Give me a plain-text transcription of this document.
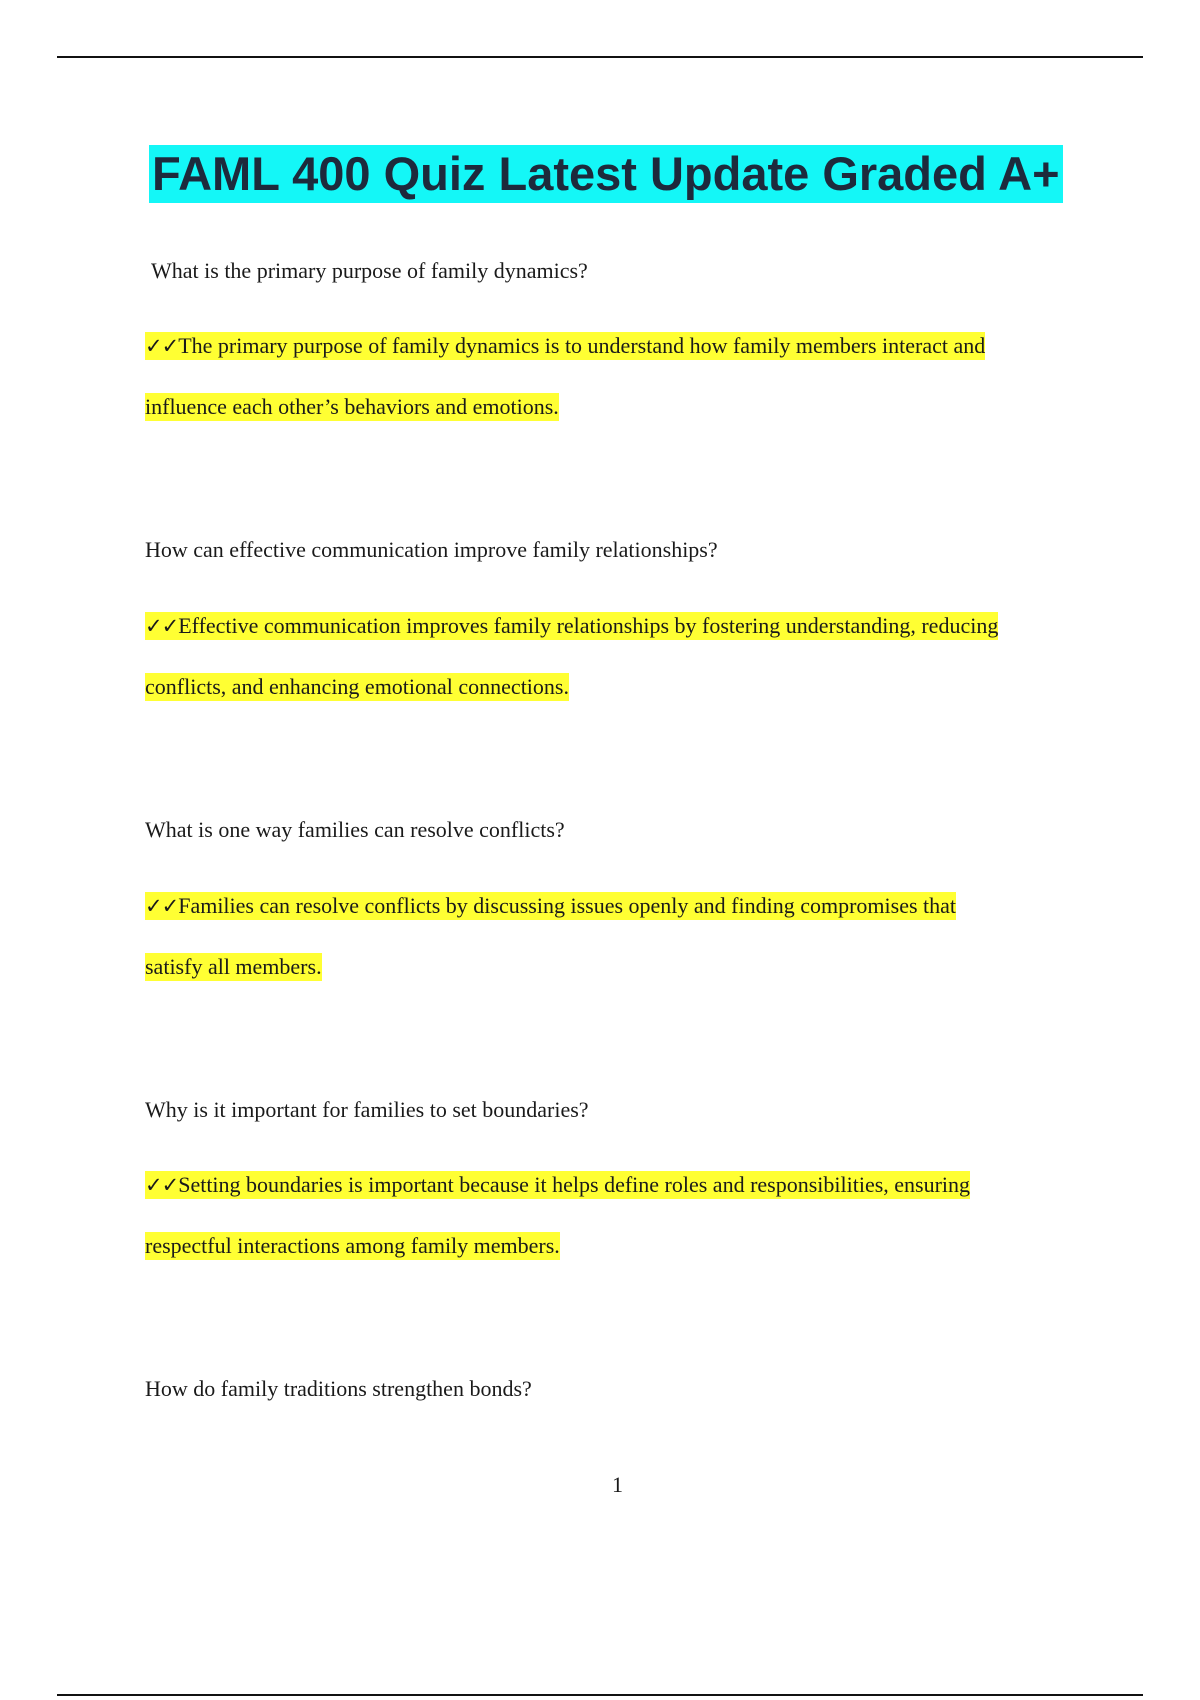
FAML 400 Quiz Latest Update Graded A+

What is the primary purpose of family dynamics?

✓✓The primary purpose of family dynamics is to understand how family members interact and

influence each other’s behaviors and emotions.

How can effective communication improve family relationships?

✓✓Effective communication improves family relationships by fostering understanding, reducing

conflicts, and enhancing emotional connections.

What is one way families can resolve conflicts?

✓✓Families can resolve conflicts by discussing issues openly and finding compromises that

satisfy all members.

Why is it important for families to set boundaries?

✓✓Setting boundaries is important because it helps define roles and responsibilities, ensuring

respectful interactions among family members.

How do family traditions strengthen bonds?

1
